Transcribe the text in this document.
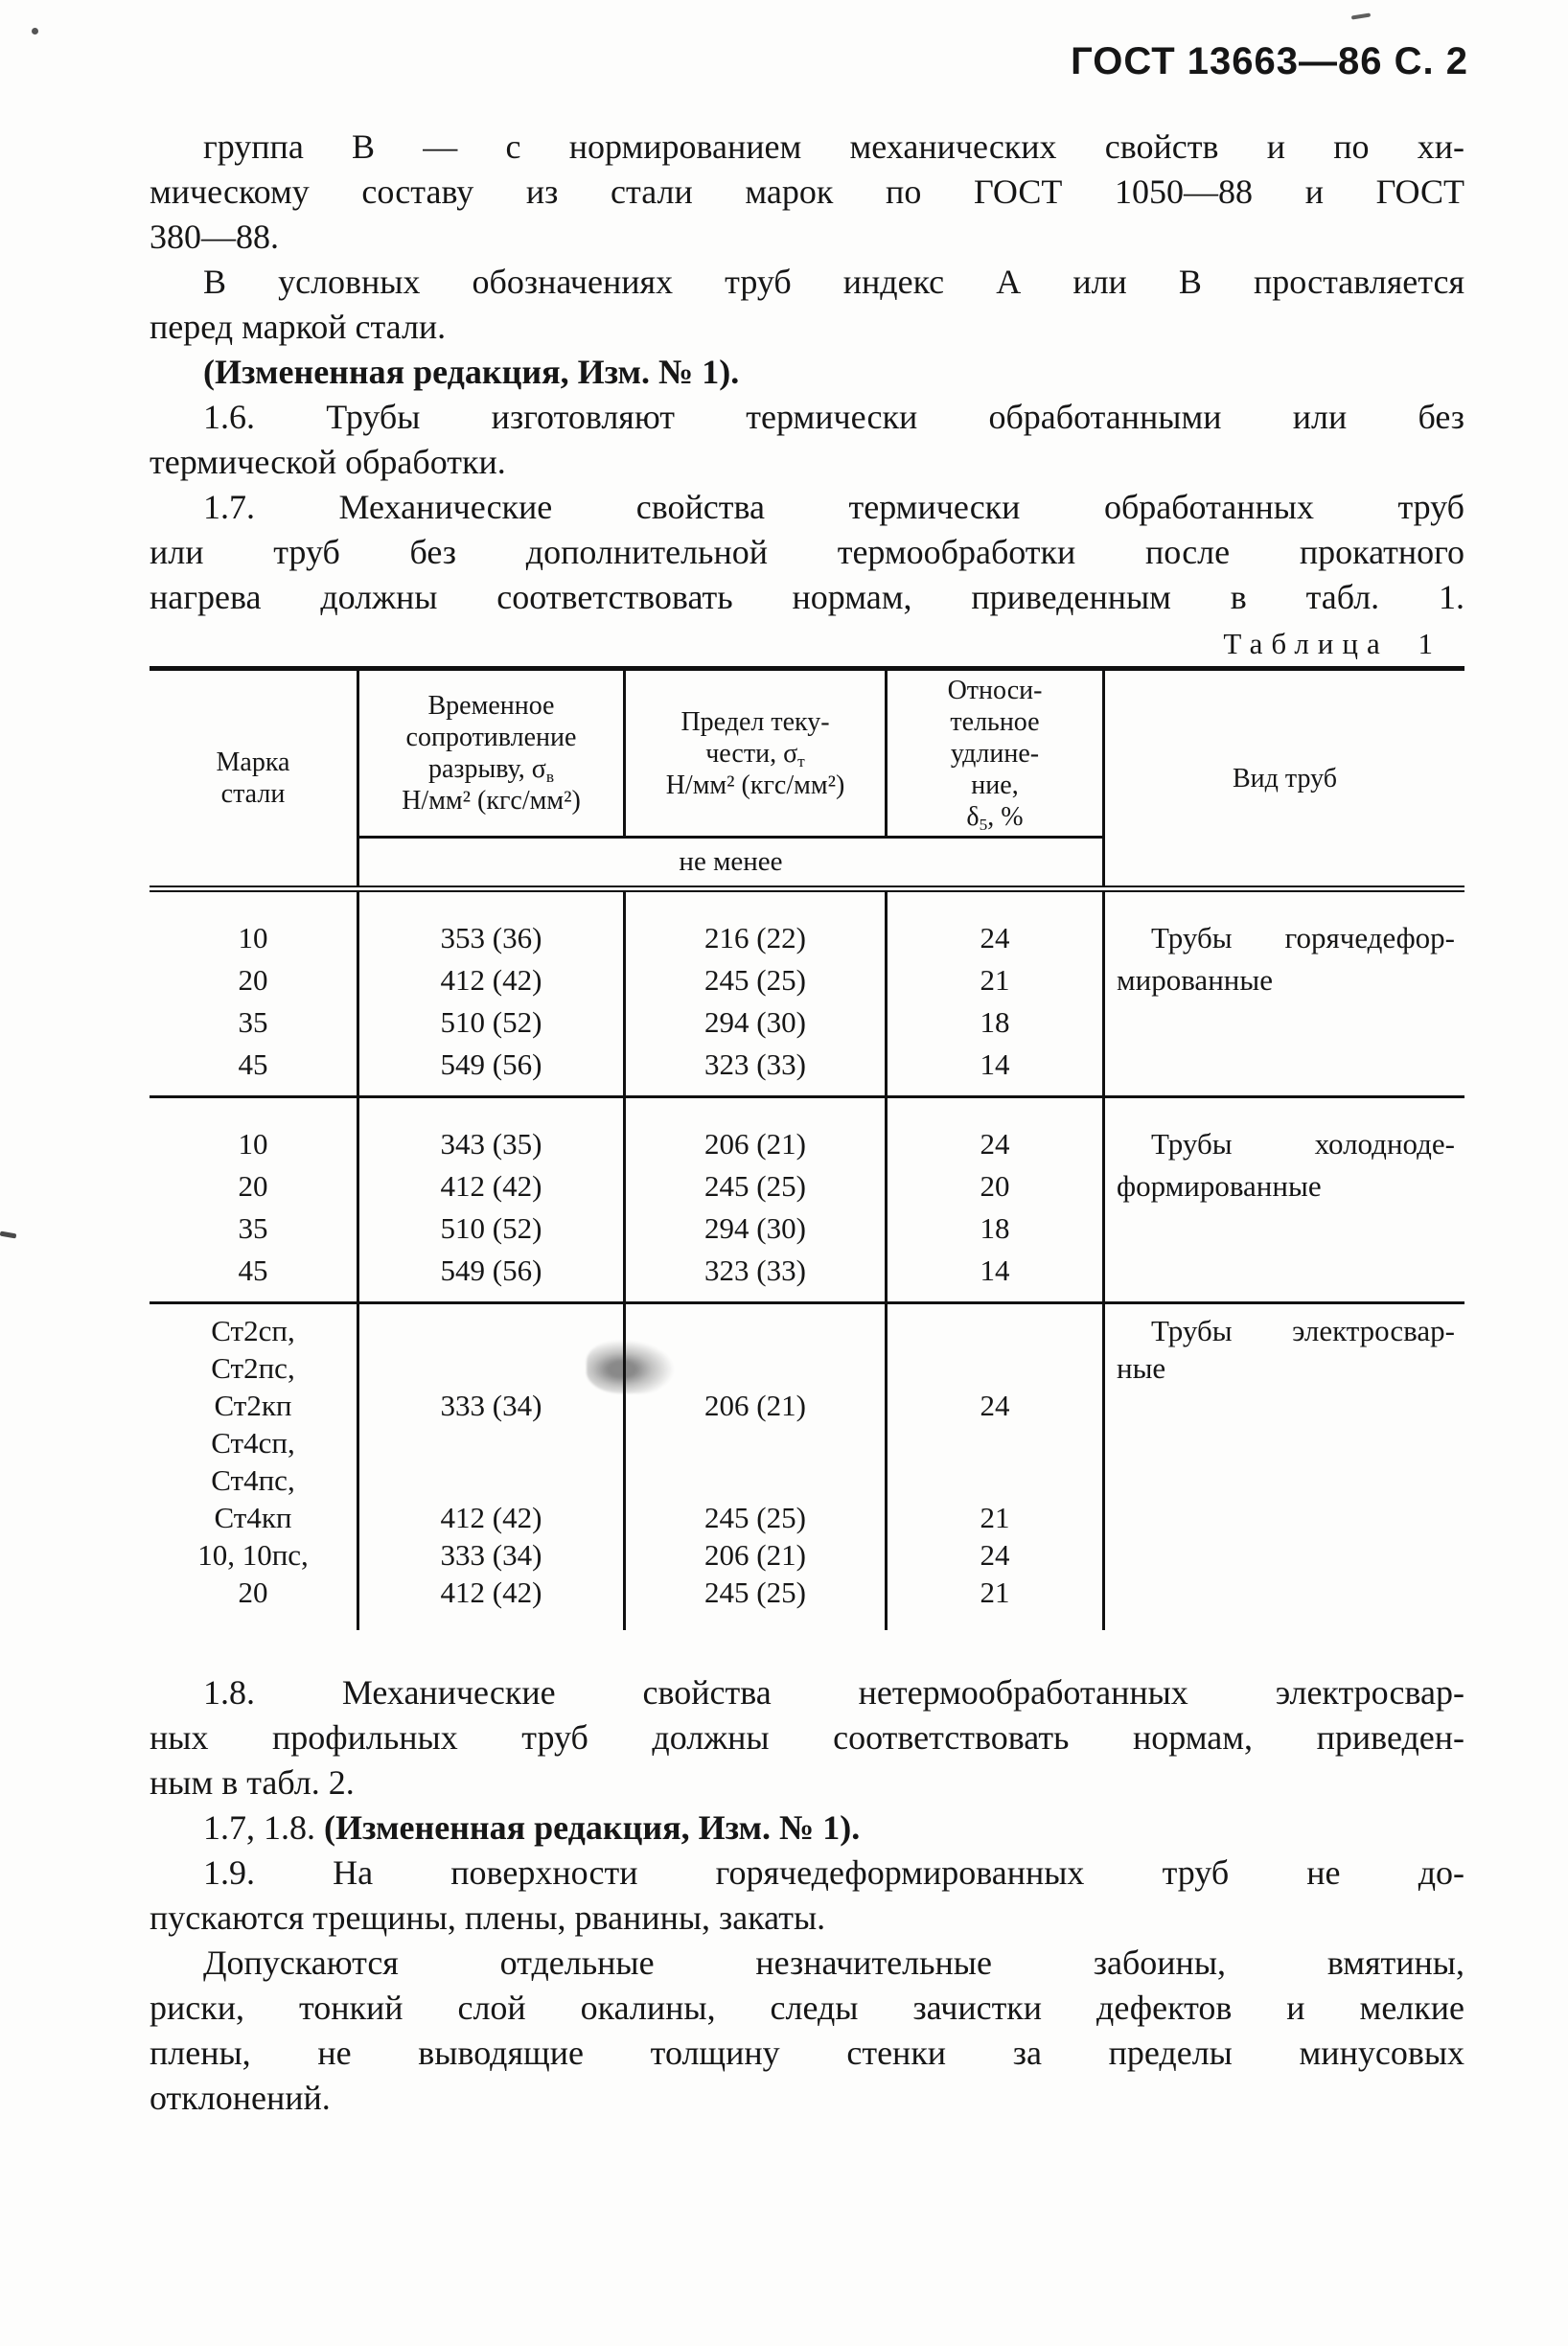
ГОСТ 13663—86 С. 2
группа В — с нормированием механических свойств и по хи-
мическому составу из стали марок по ГОСТ 1050—88 и ГОСТ
380—88.
В условных обозначениях труб индекс А или В проставляется
перед маркой стали.
(Измененная редакция, Изм. № 1).
1.6. Трубы изготовляют термически обработанными или без
термической обработки.
1.7. Механические свойства термически обработанных труб
или труб без дополнительной термообработки после прокатного
нагрева должны соответствовать нормам, приведенным в табл. 1.
Таблица 1
Марка
стали
Временное
сопротивление
разрыву, $\sigma_в$
Н/мм² (кгс/мм²)
Предел теку-
чести, $\sigma_т$
Н/мм² (кгс/мм²)
Относи-
тельное
удлине-
ние,
$\delta_5$, %
Вид труб
не менее
10
20
35
45
353 (36)
412 (42)
510 (52)
549 (56)
216 (22)
245 (25)
294 (30)
323 (33)
24
21
18
14
Трубы горячедефор-
мированные
10
20
35
45
343 (35)
412 (42)
510 (52)
549 (56)
206 (21)
245 (25)
294 (30)
323 (33)
24
20
18
14
Трубы холодноде-
формированные
Ст2сп,
Ст2пс,
Ст2кп
Ст4сп,
Ст4пс,
Ст4кп
10, 10пс,
20
333 (34)
412 (42)
333 (34)
412 (42)
206 (21)
245 (25)
206 (21)
245 (25)
24
21
24
21
Трубы электросвар-
ные
1.8. Механические свойства нетермообработанных электросвар-
ных профильных труб должны соответствовать нормам, приведен-
ным в табл. 2.
1.7, 1.8. (Измененная редакция, Изм. № 1).
1.9. На поверхности горячедеформированных труб не до-
пускаются трещины, плены, рванины, закаты.
Допускаются отдельные незначительные забоины, вмятины,
риски, тонкий слой окалины, следы зачистки дефектов и мелкие
плены, не выводящие толщину стенки за пределы минусовых
отклонений.
